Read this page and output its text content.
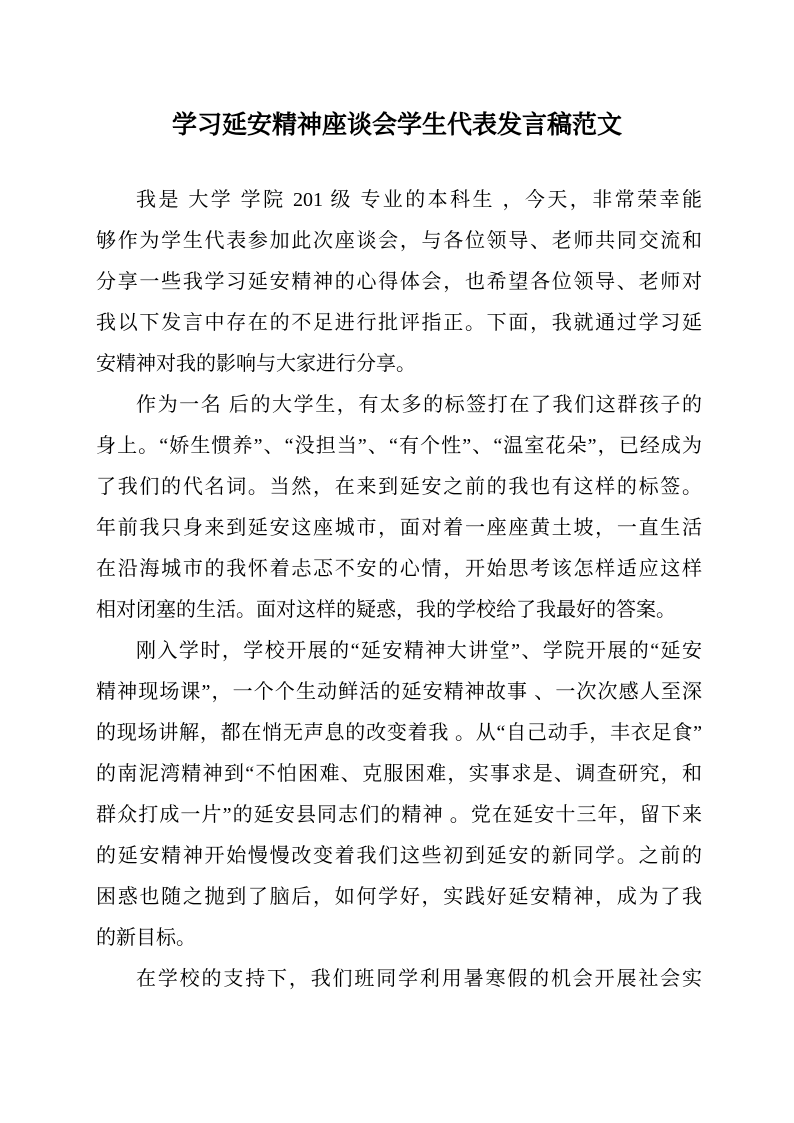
学习延安精神座谈会学生代表发言稿范文
我是 大学 学院 201 级 专业的本科生 ，今天，非常荣幸能
够作为学生代表参加此次座谈会，与各位领导、老师共同交流和
分享一些我学习延安精神的心得体会，也希望各位领导、老师对
我以下发言中存在的不足进行批评指正。下面，我就通过学习延
安精神对我的影响与大家进行分享。
作为一名 后的大学生，有太多的标签打在了我们这群孩子的
身上。“娇生惯养”、“没担当”、“有个性”、“温室花朵”，已经成为
了我们的代名词。当然，在来到延安之前的我也有这样的标签。
年前我只身来到延安这座城市，面对着一座座黄土坡，一直生活
在沿海城市的我怀着忐忑不安的心情，开始思考该怎样适应这样
相对闭塞的生活。面对这样的疑惑，我的学校给了我最好的答案。
刚入学时，学校开展的“延安精神大讲堂”、学院开展的“延安
精神现场课”，一个个生动鲜活的延安精神故事 、一次次感人至深
的现场讲解，都在悄无声息的改变着我 。从“自己动手，丰衣足食”
的南泥湾精神到“不怕困难、克服困难，实事求是、调查研究，和
群众打成一片”的延安县同志们的精神 。党在延安十三年，留下来
的延安精神开始慢慢改变着我们这些初到延安的新同学。之前的
困惑也随之抛到了脑后，如何学好，实践好延安精神，成为了我
的新目标。
在学校的支持下，我们班同学利用暑寒假的机会开展社会实
